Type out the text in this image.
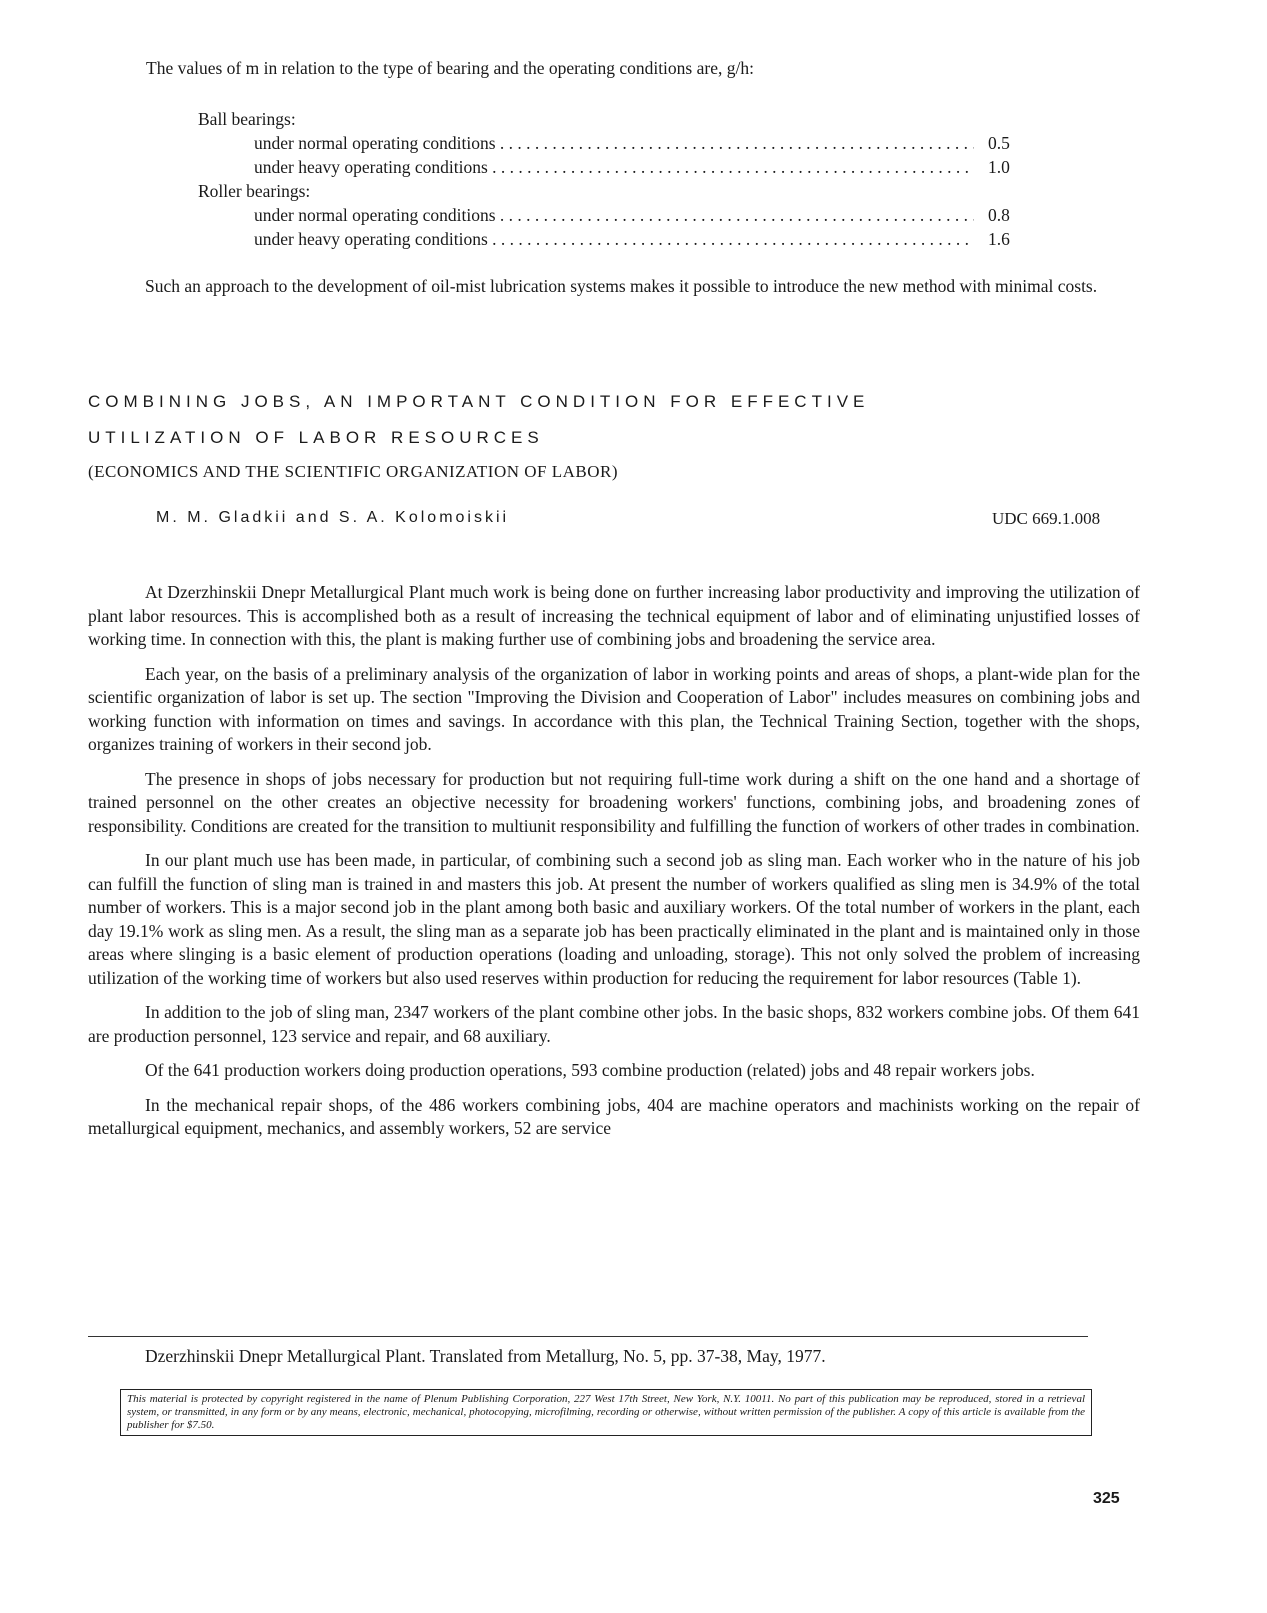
The values of m in relation to the type of bearing and the operating conditions are, g/h:
Ball bearings:
under normal operating conditions . . .	0.5
under heavy operating conditions . . .	1.0
Roller bearings:
under normal operating conditions . . .	0.8
under heavy operating conditions . . .	1.6
Such an approach to the development of oil-mist lubrication systems makes it possible to introduce the new method with minimal costs.
COMBINING JOBS, AN IMPORTANT CONDITION FOR EFFECTIVE
UTILIZATION OF LABOR RESOURCES
(ECONOMICS AND THE SCIENTIFIC ORGANIZATION OF LABOR)
M. M. Gladkii and S. A. Kolomoiskii	UDC 669.1.008

At Dzerzhinskii Dnepr Metallurgical Plant much work is being done on further increasing labor productivity and improving the utilization of plant labor resources. This is accomplished both as a result of increasing the technical equipment of labor and of eliminating unjustified losses of working time. In connection with this, the plant is making further use of combining jobs and broadening the service area.

Each year, on the basis of a preliminary analysis of the organization of labor in working points and areas of shops, a plant-wide plan for the scientific organization of labor is set up. The section "Improving the Division and Cooperation of Labor" includes measures on combining jobs and working function with information on times and savings. In accordance with this plan, the Technical Training Section, together with the shops, organizes training of workers in their second job.

The presence in shops of jobs necessary for production but not requiring full-time work during a shift on the one hand and a shortage of trained personnel on the other creates an objective necessity for broadening workers' functions, combining jobs, and broadening zones of responsibility. Conditions are created for the transition to multiunit responsibility and fulfilling the function of workers of other trades in combination.

In our plant much use has been made, in particular, of combining such a second job as sling man. Each worker who in the nature of his job can fulfill the function of sling man is trained in and masters this job. At present the number of workers qualified as sling men is 34.9% of the total number of workers. This is a major second job in the plant among both basic and auxiliary workers. Of the total number of workers in the plant, each day 19.1% work as sling men. As a result, the sling man as a separate job has been practically eliminated in the plant and is maintained only in those areas where slinging is a basic element of production operations (loading and unloading, storage). This not only solved the problem of increasing utilization of the working time of workers but also used reserves within production for reducing the requirement for labor resources (Table 1).

In addition to the job of sling man, 2347 workers of the plant combine other jobs. In the basic shops, 832 workers combine jobs. Of them 641 are production personnel, 123 service and repair, and 68 auxiliary.

Of the 641 production workers doing production operations, 593 combine production (related) jobs and 48 repair workers jobs.

In the mechanical repair shops, of the 486 workers combining jobs, 404 are machine operators and machinists working on the repair of metallurgical equipment, mechanics, and assembly workers, 52 are service

Dzerzhinskii Dnepr Metallurgical Plant. Translated from Metallurg, No. 5, pp. 37-38, May, 1977.
This material is protected by copyright registered in the name of Plenum Publishing Corporation, 227 West 17th Street, New York, N.Y. 10011. No part of this publication may be reproduced, stored in a retrieval system, or transmitted, in any form or by any means, electronic, mechanical, photocopying, microfilming, recording or otherwise, without written permission of the publisher. A copy of this article is available from the publisher for $7.50.
325
